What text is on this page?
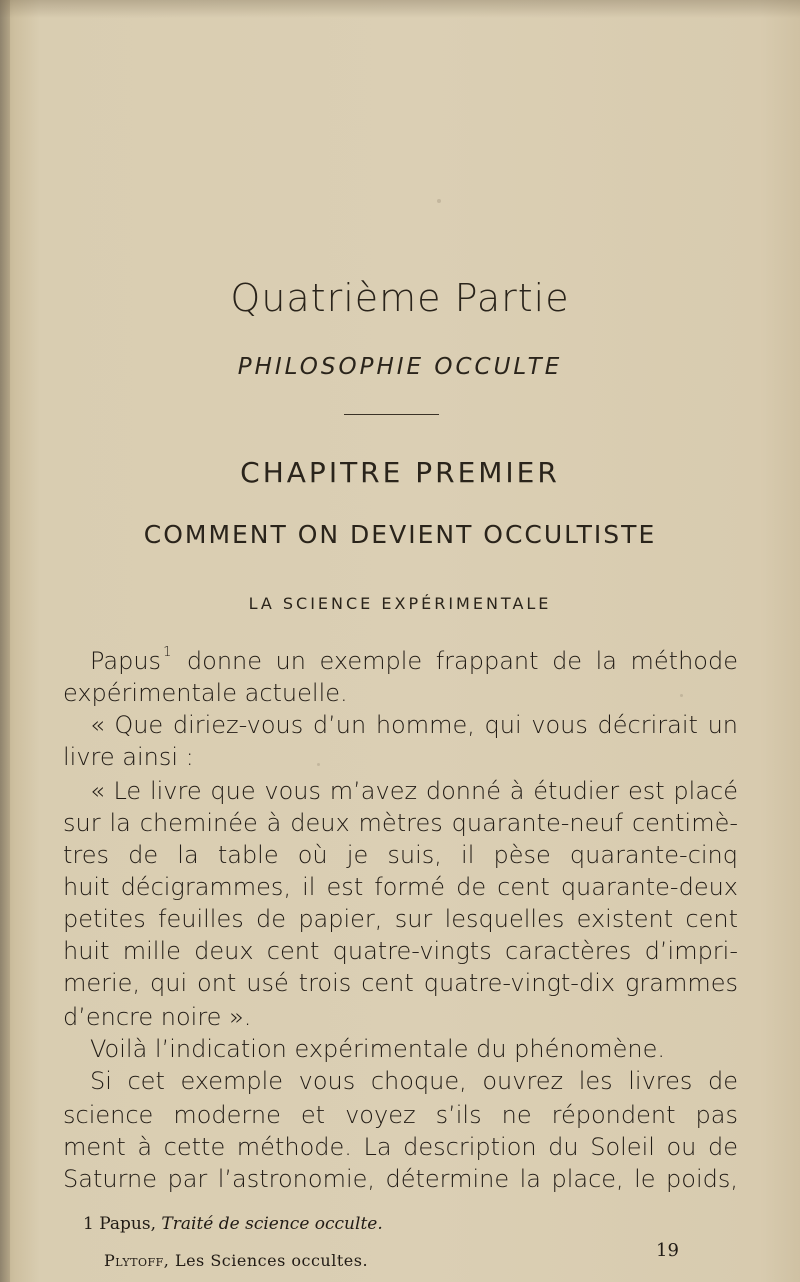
Quatrième Partie
PHILOSOPHIE OCCULTE
CHAPITRE PREMIER
COMMENT ON DEVIENT OCCULTISTE
LA SCIENCE EXPÉRIMENTALE
Papus $^1$ donne un exemple frappant de la méthode
expérimentale actuelle.
« Que diriez-vous d’un homme, qui vous décrirait un
livre ainsi :
« Le livre que vous m’avez donné à étudier est placé
sur la cheminée à deux mètres quarante-neuf centimè-
tres de la table où je suis, il pèse quarante-cinq
huit décigrammes, il est formé de cent quarante-deux
petites feuilles de papier, sur lesquelles existent cent
huit mille deux cent quatre-vingts caractères d’impri-
merie, qui ont usé trois cent quatre-vingt-dix grammes
d’encre noire ».
Voilà l’indication expérimentale du phénomène.
Si cet exemple vous choque, ouvrez les livres de
science moderne et voyez s’ils ne répondent pas
ment à cette méthode. La description du Soleil ou de
Saturne par l’astronomie, détermine la place, le poids,
1 Papus, Traité de science occulte.
Plytoff, Les Sciences occultes.	19
